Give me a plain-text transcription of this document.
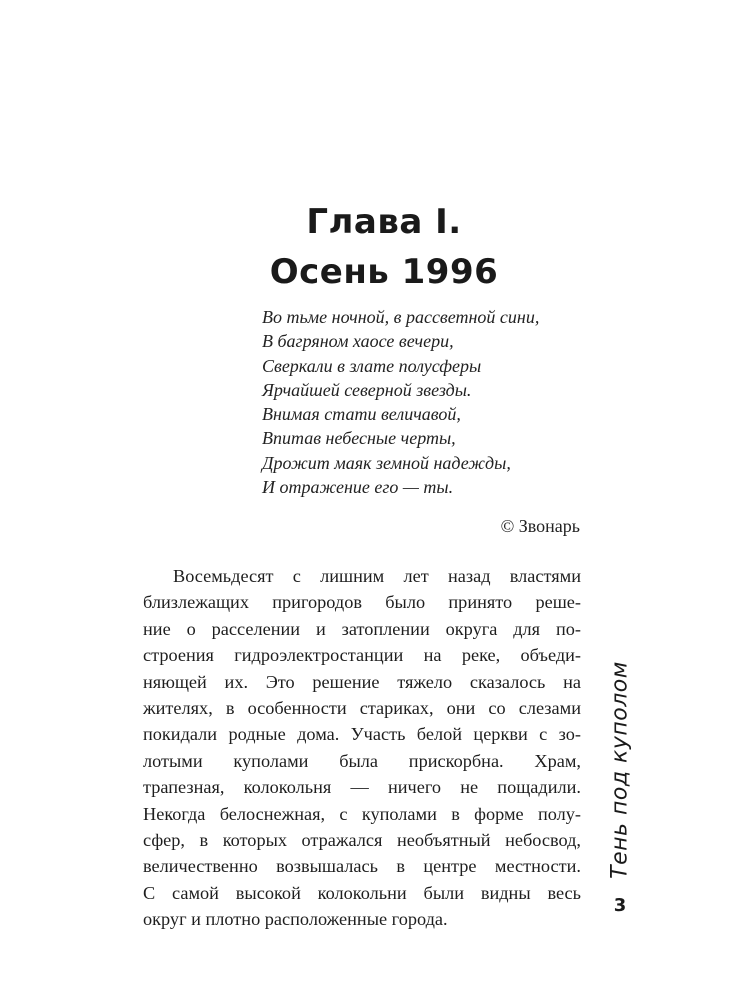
Глава I.
Осень 1996
Во тьме ночной, в рассветной сини,
В багряном хаосе вечери,
Сверкали в злате полусферы
Ярчайшей северной звезды.
Внимая стати величавой,
Впитав небесные черты,
Дрожит маяк земной надежды,
И отражение его — ты.
© Звонарь
Восемьдесят с лишним лет назад властями
близлежащих пригородов было принято реше-
ние о расселении и затоплении округа для по-
строения гидроэлектростанции на реке, объеди-
няющей их. Это решение тяжело сказалось на
жителях, в особенности стариках, они со слезами
покидали родные дома. Участь белой церкви с зо-
лотыми куполами была прискорбна. Храм,
трапезная, колокольня — ничего не пощадили.
Некогда белоснежная, с куполами в форме полу-
сфер, в которых отражался необъятный небосвод,
величественно возвышалась в центре местности.
С самой высокой колокольни были видны весь
округ и плотно расположенные города.
Тень под куполом
3
